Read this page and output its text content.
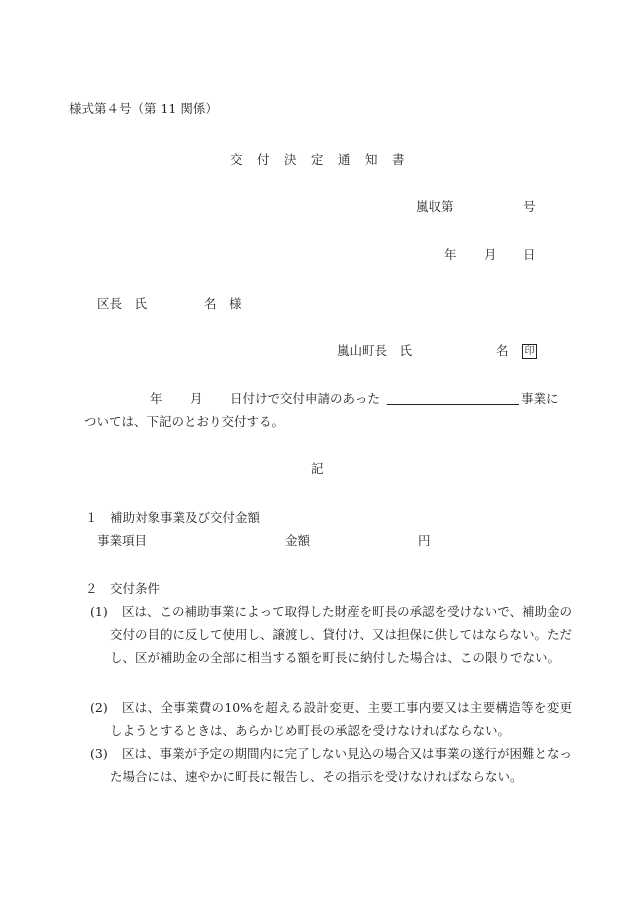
様式第４号（第 11 関係）
交　付　決　定　通　知　書
嵐収第	号
年 月 日
区長　氏	名　様
嵐山町長　氏	名 印
年 月 日付けで交付申請のあった	事業に
ついては、下記のとおり交付する。
記
１　補助対象事業及び交付金額
事業項目	金額	円
２　交付条件
(1) 区は、この補助事業によって取得した財産を町長の承認を受けないで、補助金の交付の目的に反して使用し、譲渡し、貸付け、又は担保に供してはならない。ただし、区が補助金の全部に相当する額を町長に納付した場合は、この限りでない。
(2) 区は、全事業費の10%を超える設計変更、主要工事内要又は主要構造等を変更しようとするときは、あらかじめ町長の承認を受けなければならない。
(3) 区は、事業が予定の期間内に完了しない見込の場合又は事業の遂行が困難となった場合には、速やかに町長に報告し、その指示を受けなければならない。
